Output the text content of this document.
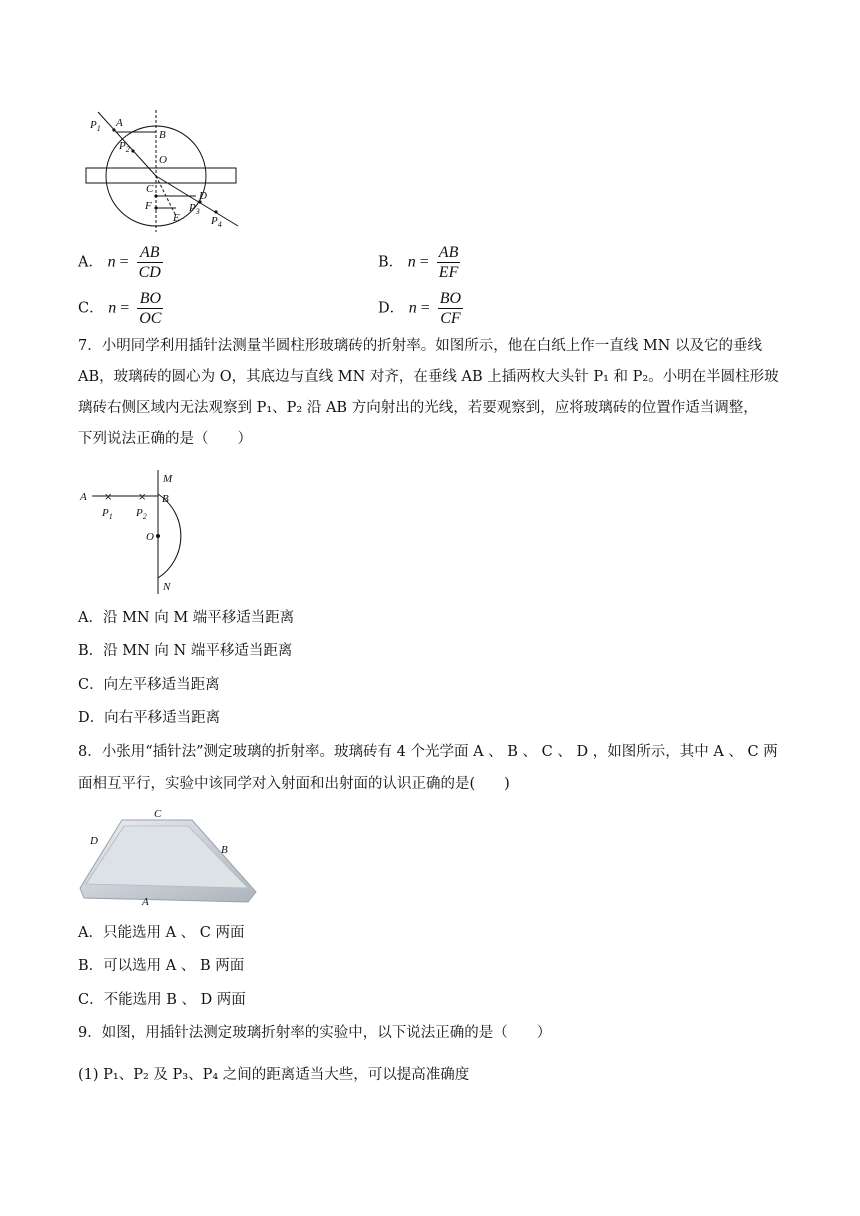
$P_1$ A
B
$P_2$
O
C
D
F
E
$P_3$
$P_4$
A． $n = \frac{AB}{CD}$	B． $n = \frac{AB}{EF}$
C． $n = \frac{BO}{OC}$	D． $n = \frac{BO}{CF}$
7．小明同学利用插针法测量半圆柱形玻璃砖的折射率。如图所示，他在白纸上作一直线 MN 以及它的垂线
AB，玻璃砖的圆心为 O，其底边与直线 MN 对齐，在垂线 AB 上插两枚大头针 P₁ 和 P₂。小明在半圆柱形玻
璃砖右侧区域内无法观察到 P₁、P₂ 沿 AB 方向射出的光线，若要观察到，应将玻璃砖的位置作适当调整，
下列说法正确的是（　　）
×	×
M
A
$P_1$ $P_2$
B
O
N
A．沿 MN 向 M 端平移适当距离
B．沿 MN 向 N 端平移适当距离
C．向左平移适当距离
D．向右平移适当距离
8．小张用“插针法”测定玻璃的折射率。玻璃砖有 4 个光学面 A 、 B 、 C 、 D ，如图所示，其中 A 、 C 两
面相互平行，实验中该同学对入射面和出射面的认识正确的是(　　)
C
D
B
A
A．只能选用 A 、 C 两面
B．可以选用 A 、 B 两面
C．不能选用 B 、 D 两面
9．如图，用插针法测定玻璃折射率的实验中，以下说法正确的是（　　）
(1) P₁、P₂ 及 P₃、P₄ 之间的距离适当大些，可以提高准确度
